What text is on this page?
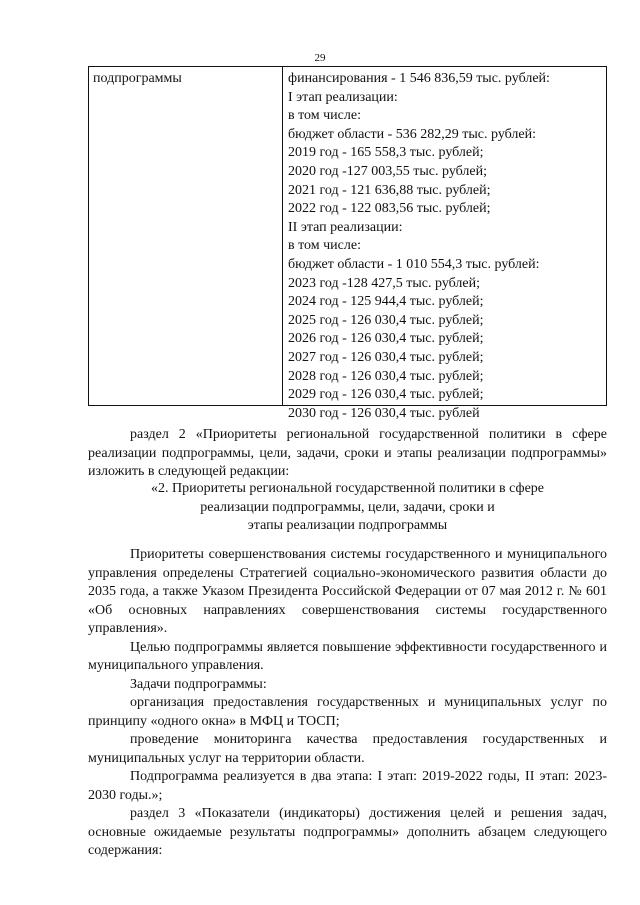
29
подпрограммы	финансирования - 1 546 836,59 тыс. рублей:
I этап реализации:
в том числе:
бюджет области - 536 282,29 тыс. рублей:
2019 год - 165 558,3 тыс. рублей;
2020 год -127 003,55 тыс. рублей;
2021 год - 121 636,88 тыс. рублей;
2022 год - 122 083,56 тыс. рублей;
II этап реализации:
в том числе:
бюджет области - 1 010 554,3 тыс. рублей:
2023 год -128 427,5 тыс. рублей;
2024 год - 125 944,4 тыс. рублей;
2025 год - 126 030,4 тыс. рублей;
2026 год - 126 030,4 тыс. рублей;
2027 год - 126 030,4 тыс. рублей;
2028 год - 126 030,4 тыс. рублей;
2029 год - 126 030,4 тыс. рублей;
2030 год - 126 030,4 тыс. рублей

раздел 2 «Приоритеты региональной государственной политики в сфере реализации подпрограммы, цели, задачи, сроки и этапы реализации подпрограммы» изложить в следующей редакции:

«2. Приоритеты региональной государственной политики в сфере
реализации подпрограммы, цели, задачи, сроки и
этапы реализации подпрограммы

Приоритеты совершенствования системы государственного и муниципального управления определены Стратегией социально-экономического развития области до 2035 года, а также Указом Президента Российской Федерации от 07 мая 2012 г. № 601 «Об основных направлениях совершенствования системы государственного управления».

Целью подпрограммы является повышение эффективности государственного и муниципального управления.

Задачи подпрограммы:

организация предоставления государственных и муниципальных услуг по принципу «одного окна» в МФЦ и ТОСП;

проведение мониторинга качества предоставления государственных и муниципальных услуг на территории области.

Подпрограмма реализуется в два этапа: I этап: 2019-2022 годы, II этап: 2023-2030 годы.»;

раздел 3 «Показатели (индикаторы) достижения целей и решения задач, основные ожидаемые результаты подпрограммы» дополнить абзацем следующего содержания:
